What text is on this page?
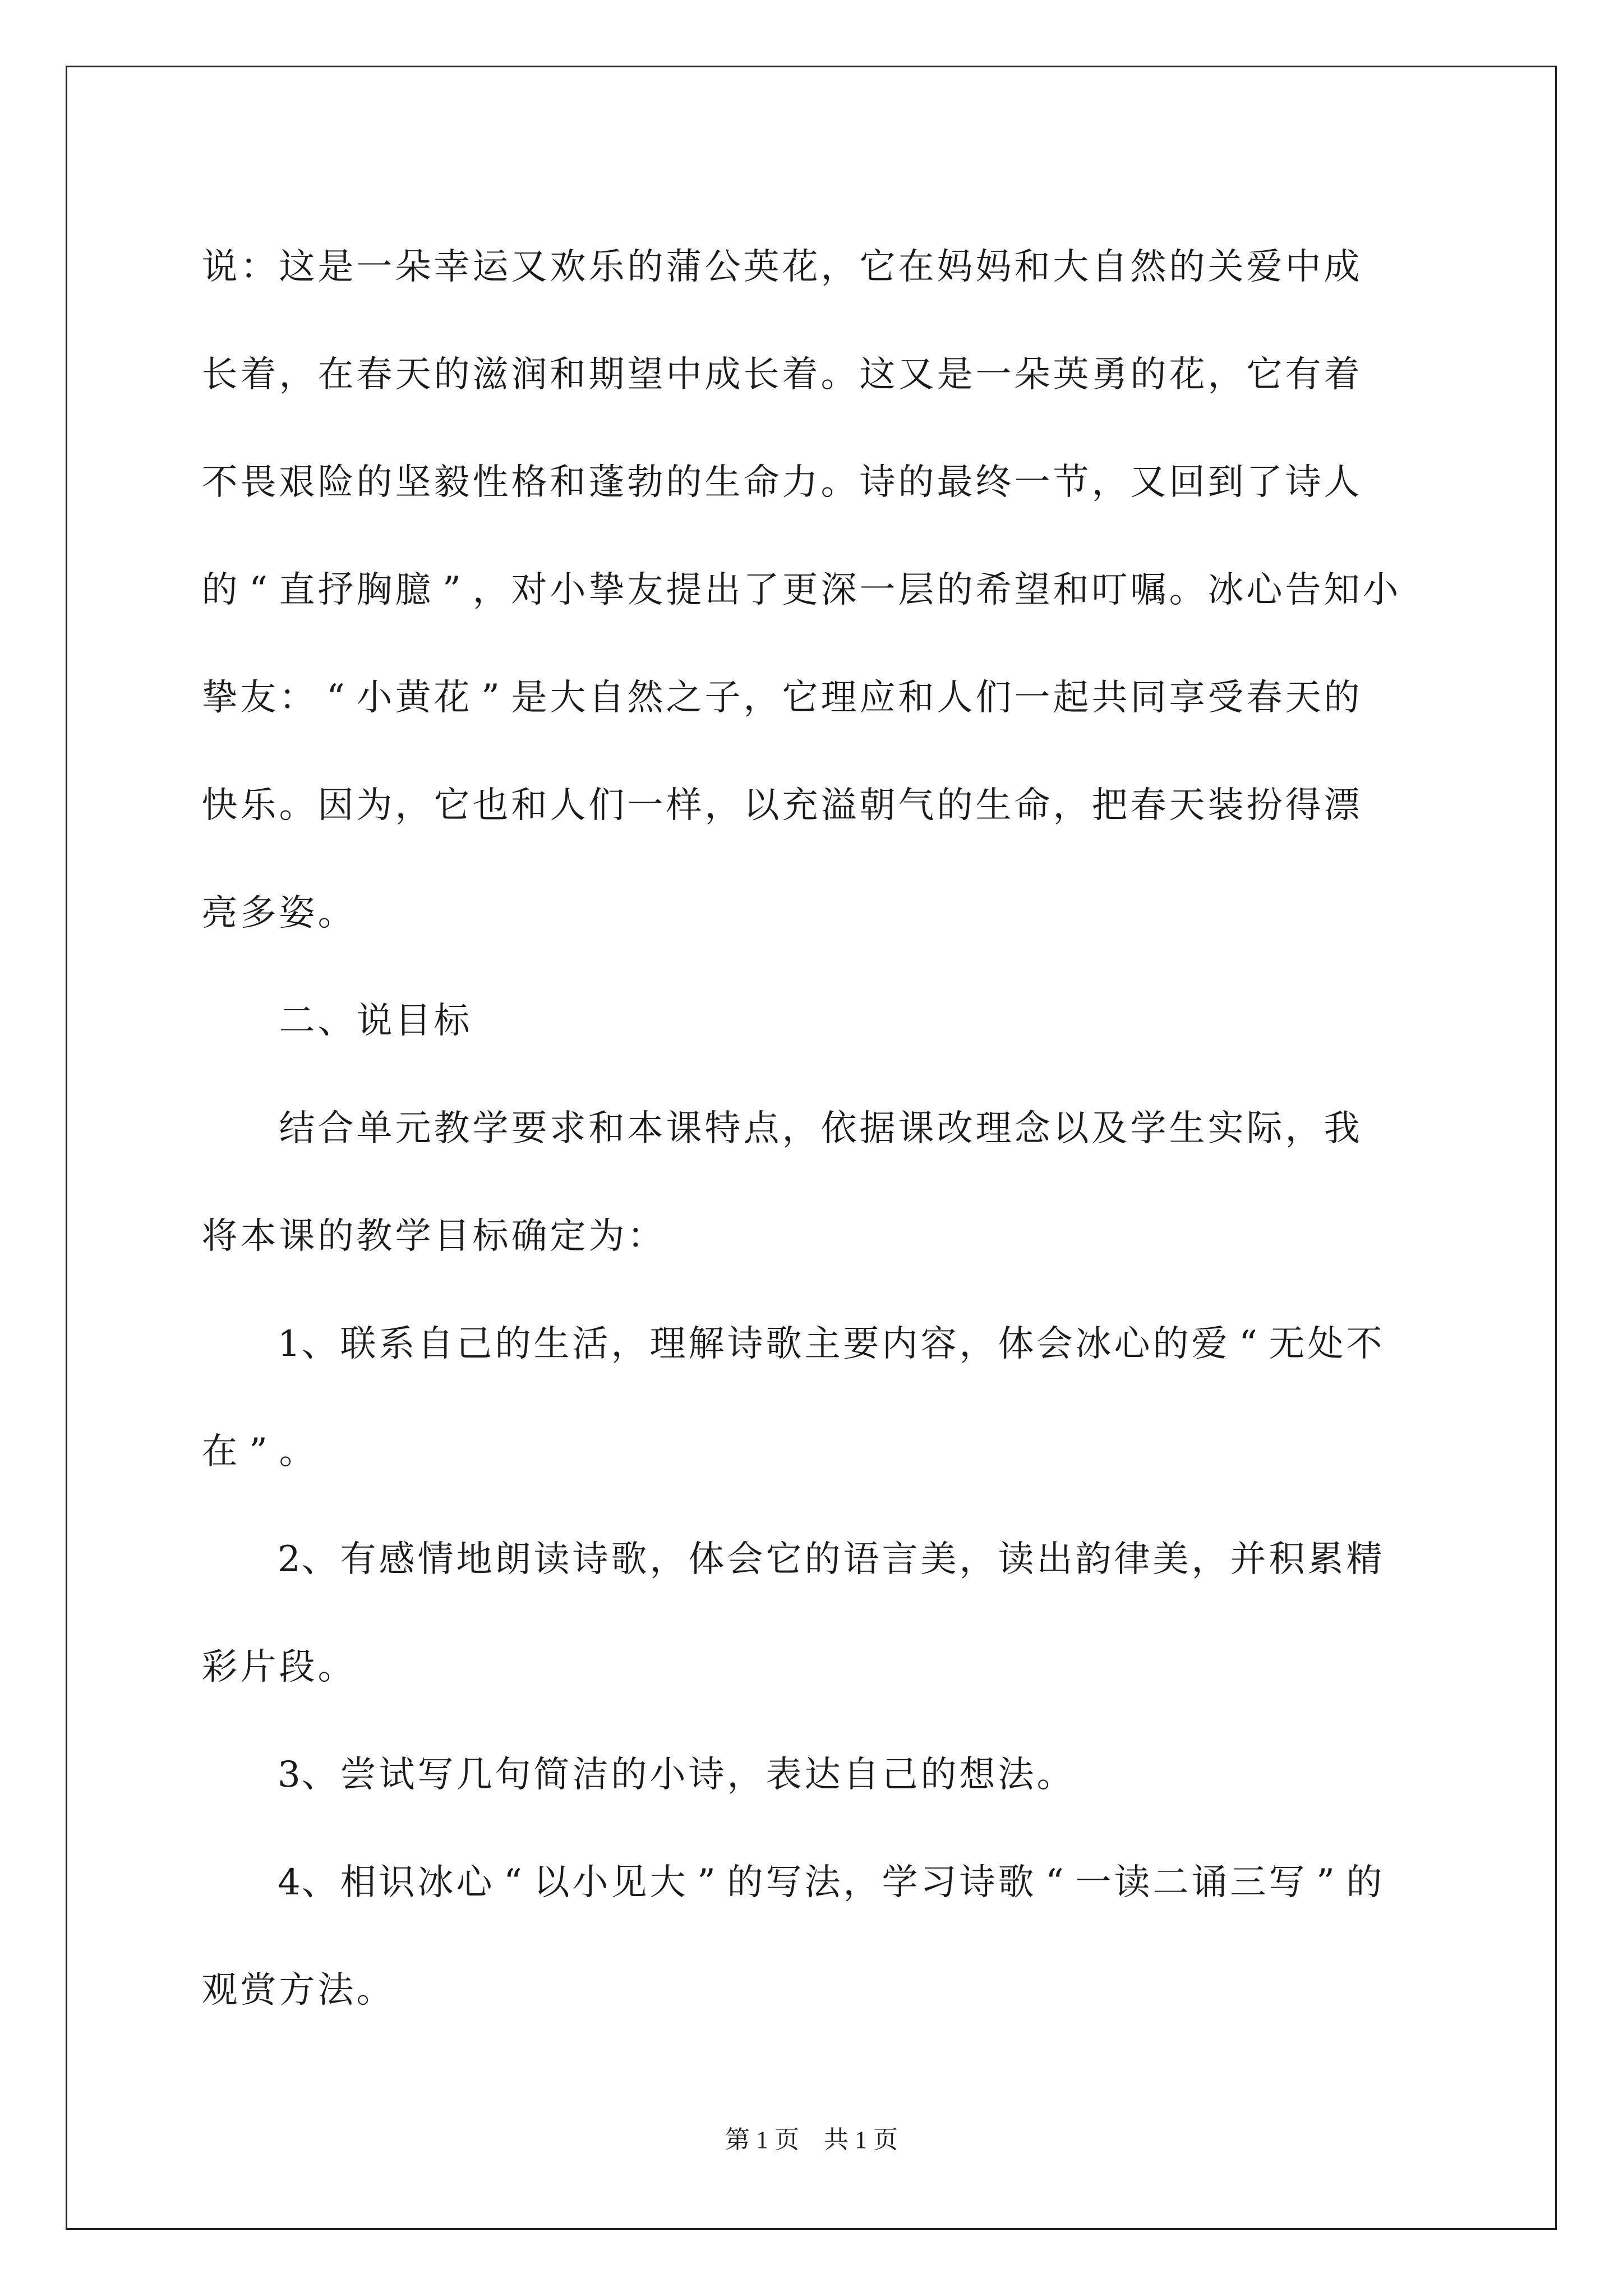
说：这是一朵幸运又欢乐的蒲公英花，它在妈妈和大自然的关爱中成
长着，在春天的滋润和期望中成长着。这又是一朵英勇的花，它有着
不畏艰险的坚毅性格和蓬勃的生命力。诗的最终一节，又回到了诗人
的 “ 直抒胸臆 ” ，对小挚友提出了更深一层的希望和叮嘱。冰心告知小
挚友： “ 小黄花 ” 是大自然之子，它理应和人们一起共同享受春天的
快乐。因为，它也和人们一样，以充溢朝气的生命，把春天装扮得漂
亮多姿。
　　二、说目标
　　结合单元教学要求和本课特点，依据课改理念以及学生实际，我
将本课的教学目标确定为：
　　1、联系自己的生活，理解诗歌主要内容，体会冰心的爱 “ 无处不
在 ” 。
　　2、有感情地朗读诗歌，体会它的语言美，读出韵律美，并积累精
彩片段。
　　3、尝试写几句简洁的小诗，表达自己的想法。
　　4、相识冰心 “ 以小见大 ” 的写法，学习诗歌 “ 一读二诵三写 ” 的
观赏方法。
第 1 页　共 1 页
